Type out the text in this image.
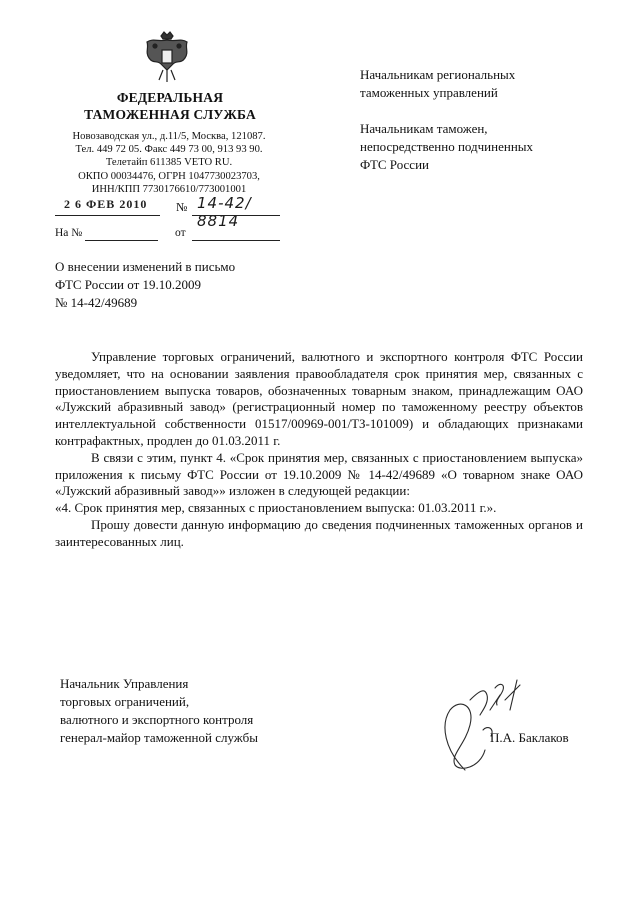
ФЕДЕРАЛЬНАЯ
ТАМОЖЕННАЯ СЛУЖБА
Новозаводская ул., д.11/5, Москва, 121087.
Тел. 449 72 05. Факс 449 73 00, 913 93 90.
Телетайп 611385 VETO RU.
ОКПО 00034476, ОГРН 1047730023703,
ИНН/КПП 7730176610/773001001
2 6 ФЕВ 2010 № 14-42/ 8814
На №	от
Начальникам региональных
таможенных управлений
Начальникам таможен,
непосредственно подчиненных
ФТС России
О внесении изменений в письмо
ФТС России от 19.10.2009
№ 14-42/49689

Управление торговых ограничений, валютного и экспортного контроля ФТС России уведомляет, что на основании заявления правообладателя срок принятия мер, связанных с приостановлением выпуска товаров, обозначенных товарным знаком, принадлежащим ОАО «Лужский абразивный завод» (регистрационный номер по таможенному реестру объектов интеллектуальной собственности 01517/00969-001/ТЗ-101009) и обладающих признаками контрафактных, продлен до 01.03.2011 г.

В связи с этим, пункт 4. «Срок принятия мер, связанных с приостановлением выпуска» приложения к письму ФТС России от 19.10.2009 № 14-42/49689 «О товарном знаке ОАО «Лужский абразивный завод»» изложен в следующей редакции:

«4. Срок принятия мер, связанных с приостановлением выпуска: 01.03.2011 г.».

Прошу довести данную информацию до сведения подчиненных таможенных органов и заинтересованных лиц.

Начальник Управления
торговых ограничений,
валютного и экспортного контроля
генерал-майор таможенной службы	П.А. Баклаков
